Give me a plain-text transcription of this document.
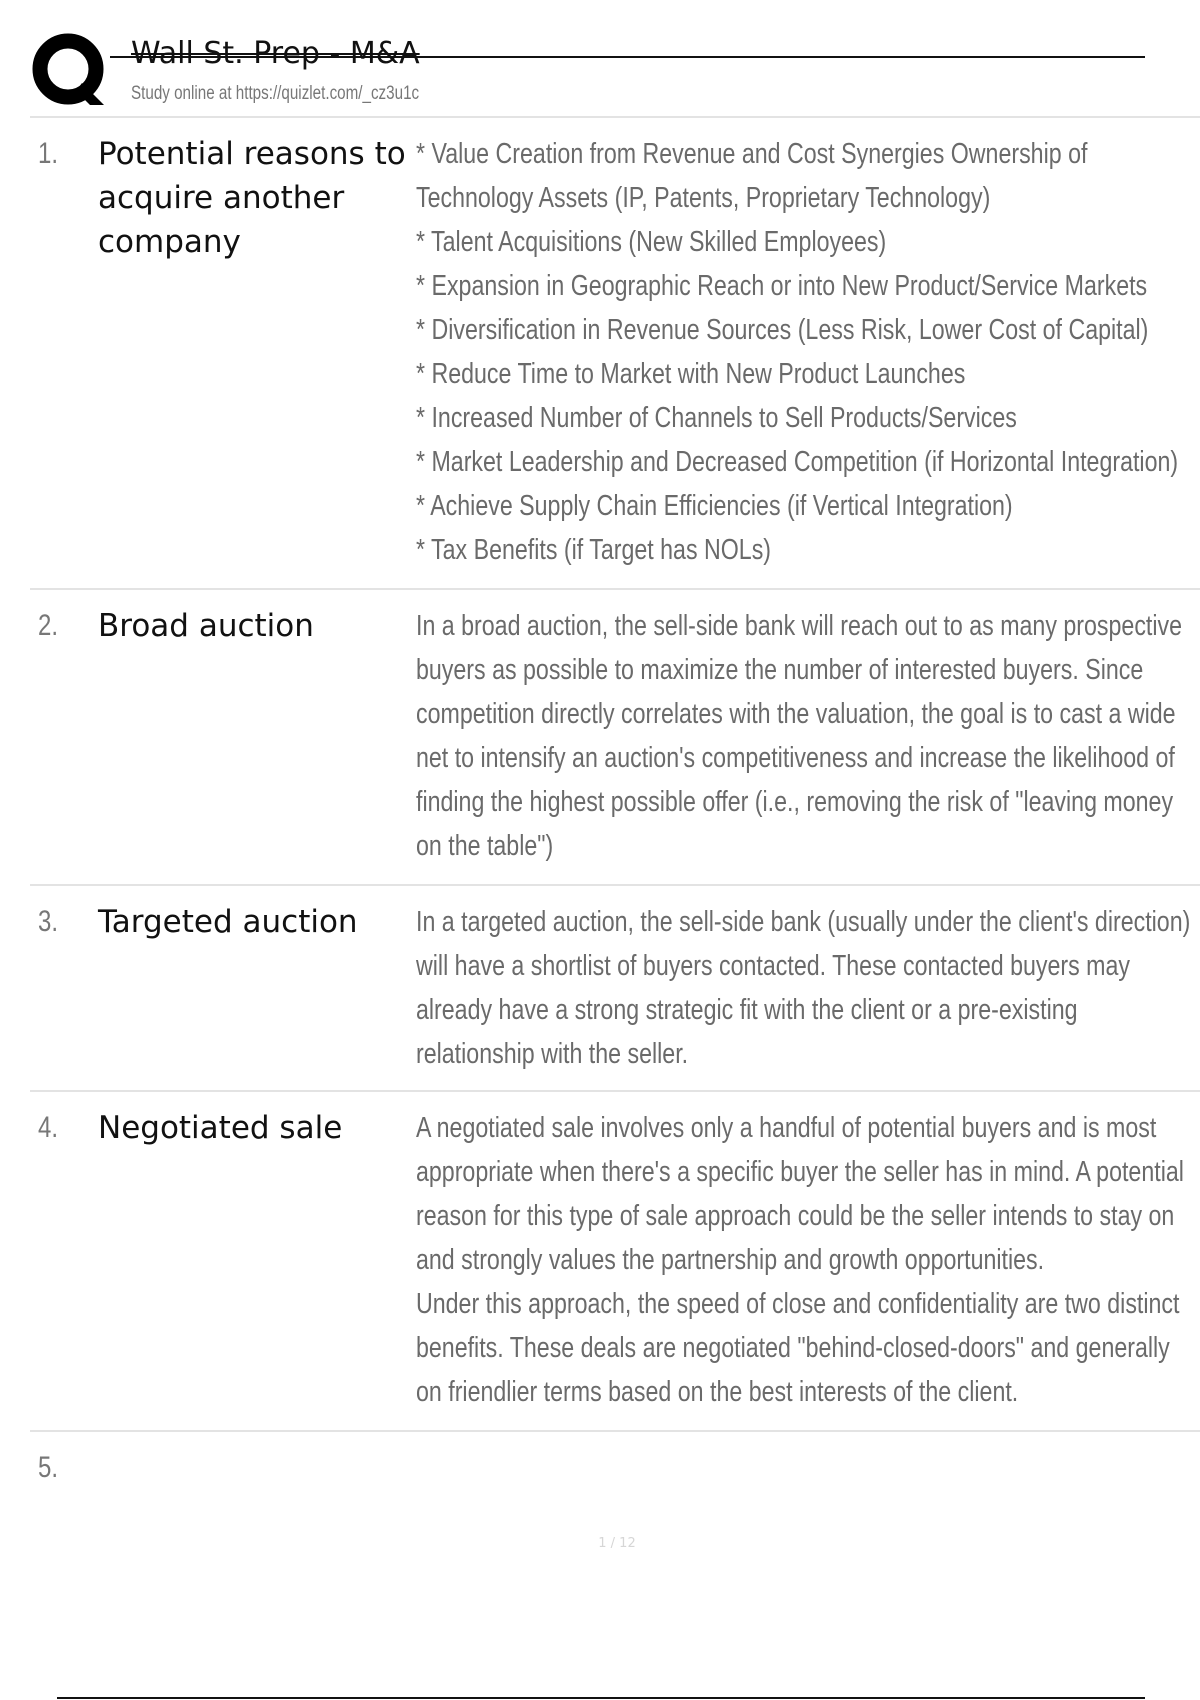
Wall St. Prep - M&A
Study online at https://quizlet.com/_cz3u1c
1.	Potential reasons to acquire another company
* Value Creation from Revenue and Cost Synergies Ownership of Technology Assets (IP, Patents, Proprietary Technology)
* Talent Acquisitions (New Skilled Employees)
* Expansion in Geographic Reach or into New Product/Service Markets
* Diversification in Revenue Sources (Less Risk, Lower Cost of Capital)
* Reduce Time to Market with New Product Launches
* Increased Number of Channels to Sell Products/Services
* Market Leadership and Decreased Competition (if Horizontal Integration)
* Achieve Supply Chain Efficiencies (if Vertical Integration)
* Tax Benefits (if Target has NOLs)
2.	Broad auction	In a broad auction, the sell-side bank will reach out to as many prospective buyers as possible to maximize the number of interested buyers. Since competition directly correlates with the valuation, the goal is to cast a wide net to intensify an auction's competitiveness and increase the likelihood of finding the highest possible offer (i.e., removing the risk of "leaving money on the table")
3.	Targeted auction	In a targeted auction, the sell-side bank (usually under the client's direction) will have a shortlist of buyers contacted. These contacted buyers may already have a strong strategic fit with the client or a pre-existing relationship with the seller.
4.	Negotiated sale	A negotiated sale involves only a handful of potential buyers and is most appropriate when there's a specific buyer the seller has in mind. A potential reason for this type of sale approach could be the seller intends to stay on and strongly values the partnership and growth opportunities.
Under this approach, the speed of close and confidentiality are two distinct benefits. These deals are negotiated "behind-closed-doors" and generally on friendlier terms based on the best interests of the client.
5.
1 / 12
